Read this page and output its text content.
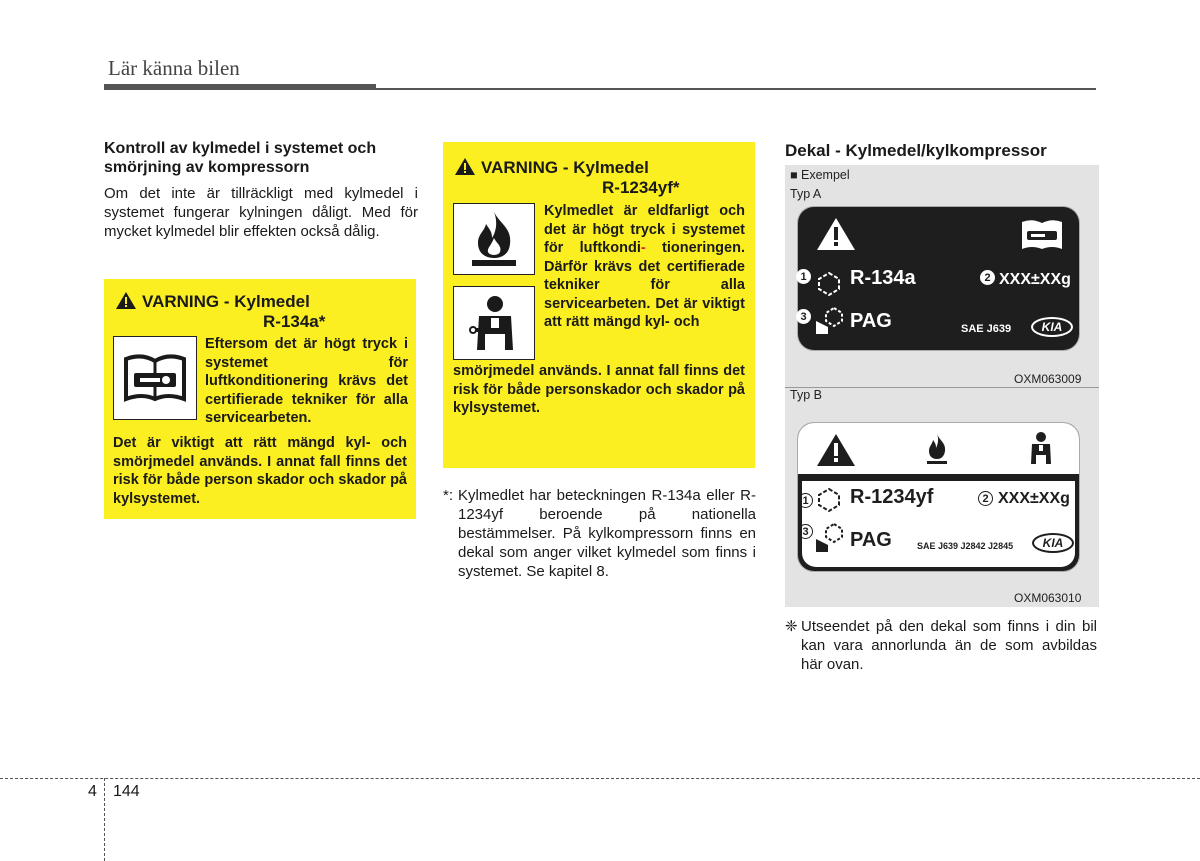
Lär känna bilen
Kontroll av kylmedel i systemet och smörjning av kompressorn
Om det inte är tillräckligt med kylmedel i systemet fungerar kylningen dåligt. Med för mycket kylmedel blir effekten också dålig.
VARNING - Kylmedel
R-134a*
Eftersom det är högt tryck i systemet för luftkonditionering krävs det certifierade tekniker för alla servicearbeten.
Det är viktigt att rätt mängd kyl- och smörjmedel används. I annat fall finns det risk för både person skador och skador på kylsystemet.
VARNING - Kylmedel
R-1234yf*
Kylmedlet är eldfarligt och det är högt tryck i systemet för luftkondi- tioneringen. Därför krävs det certifierade tekniker för alla servicearbeten. Det är viktigt att rätt mängd kyl- och
smörjmedel används. I annat fall finns det risk för både personskador och skador på kylsystemet.
*: Kylmedlet har beteckningen R-134a eller R-1234yf beroende på nationella bestämmelser. På kylkompressorn finns en dekal som anger vilket kylmedel som finns i systemet. Se kapitel 8.
Dekal - Kylmedel/kylkompressor
■ Exempel
Typ A
1 R-134a	2 XXX±XXg
3 PAG	SAE J639	KIA
OXM063009
Typ B
1 R-1234yf	2 XXX±XXg
3 PAG	SAE J639 J2842 J2845	KIA
OXM063010
❈ Utseendet på den dekal som finns i din bil kan vara annorlunda än de som avbildas här ovan.
4 144
